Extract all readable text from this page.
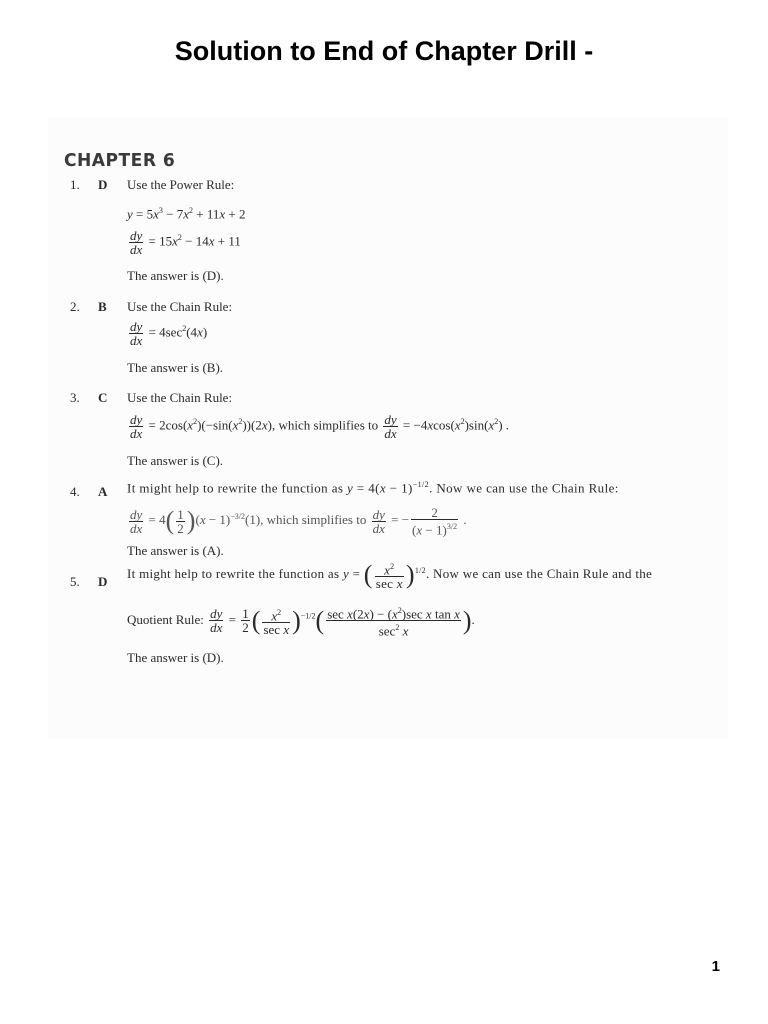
Solution to End of Chapter Drill -
CHAPTER 6
1. D Use the Power Rule:
$y = 5x^3 - 7x^2 + 11x + 2$
$\frac{dy}{dx} = 15x^2 - 14x + 11$
The answer is (D).
2. B Use the Chain Rule:
$\frac{dy}{dx} = 4\sec^2(4x)$
The answer is (B).
3. C Use the Chain Rule:
$\frac{dy}{dx} = 2\cos(x^2)(-\sin(x^2))(2x)$, which simplifies to $\frac{dy}{dx} = -4xcos(x^2)\sin(x^2)$ .
The answer is (C).
4. A It might help to rewrite the function as $y = 4(x - 1)^{-1/2}$. Now we can use the Chain Rule:
$\frac{dy}{dx} = 4( \frac{1}{2} )(x - 1)^{-3/2}(1)$, which simplifies to $\frac{dy}{dx}$ = − $\frac{2}{(x - 1)^{3/2}}$ .
The answer is (A).
5. D
It might help to rewrite the function as y = ( $\frac{x^2}{\text{sec x}} )^{1/2}$. Now we can use the Chain Rule and the
Quotient Rule: $\frac{dy}{dx} = \frac{1}{2}$ ( $\frac{x^2}{\text{sec x}} )^{-1/2}( \frac{\sec x(2x) - (x^2)\sec x \tan x}{\sec^2 x}$ ).
The answer is (D).
1
